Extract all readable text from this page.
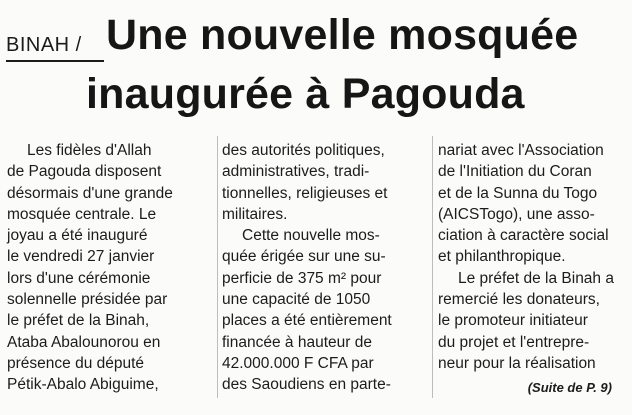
BINAH / Une nouvelle mosquée
inaugurée à Pagouda

Les fidèles d'Allah

de Pagouda disposent

désormais d'une grande

mosquée centrale. Le

joyau a été inauguré

le vendredi 27 janvier

lors d'une cérémonie

solennelle présidée par

le préfet de la Binah,

Ataba Abalounorou en

présence du député

Pétik-Abalo Abiguime,

des autorités politiques,

administratives, tradi-

tionnelles, religieuses et

militaires.

Cette nouvelle mos-

quée érigée sur une su-

perficie de 375 m² pour

une capacité de 1050

places a été entièrement

financée à hauteur de

42.000.000 F CFA par

des Saoudiens en parte-

nariat avec l'Association

de l'Initiation du Coran

et de la Sunna du Togo

(AICSTogo), une asso-

ciation à caractère social

et philanthropique.

Le préfet de la Binah a

remercié les donateurs,

le promoteur initiateur

du projet et l'entrepre-

neur pour la réalisation

(Suite de P. 9)
